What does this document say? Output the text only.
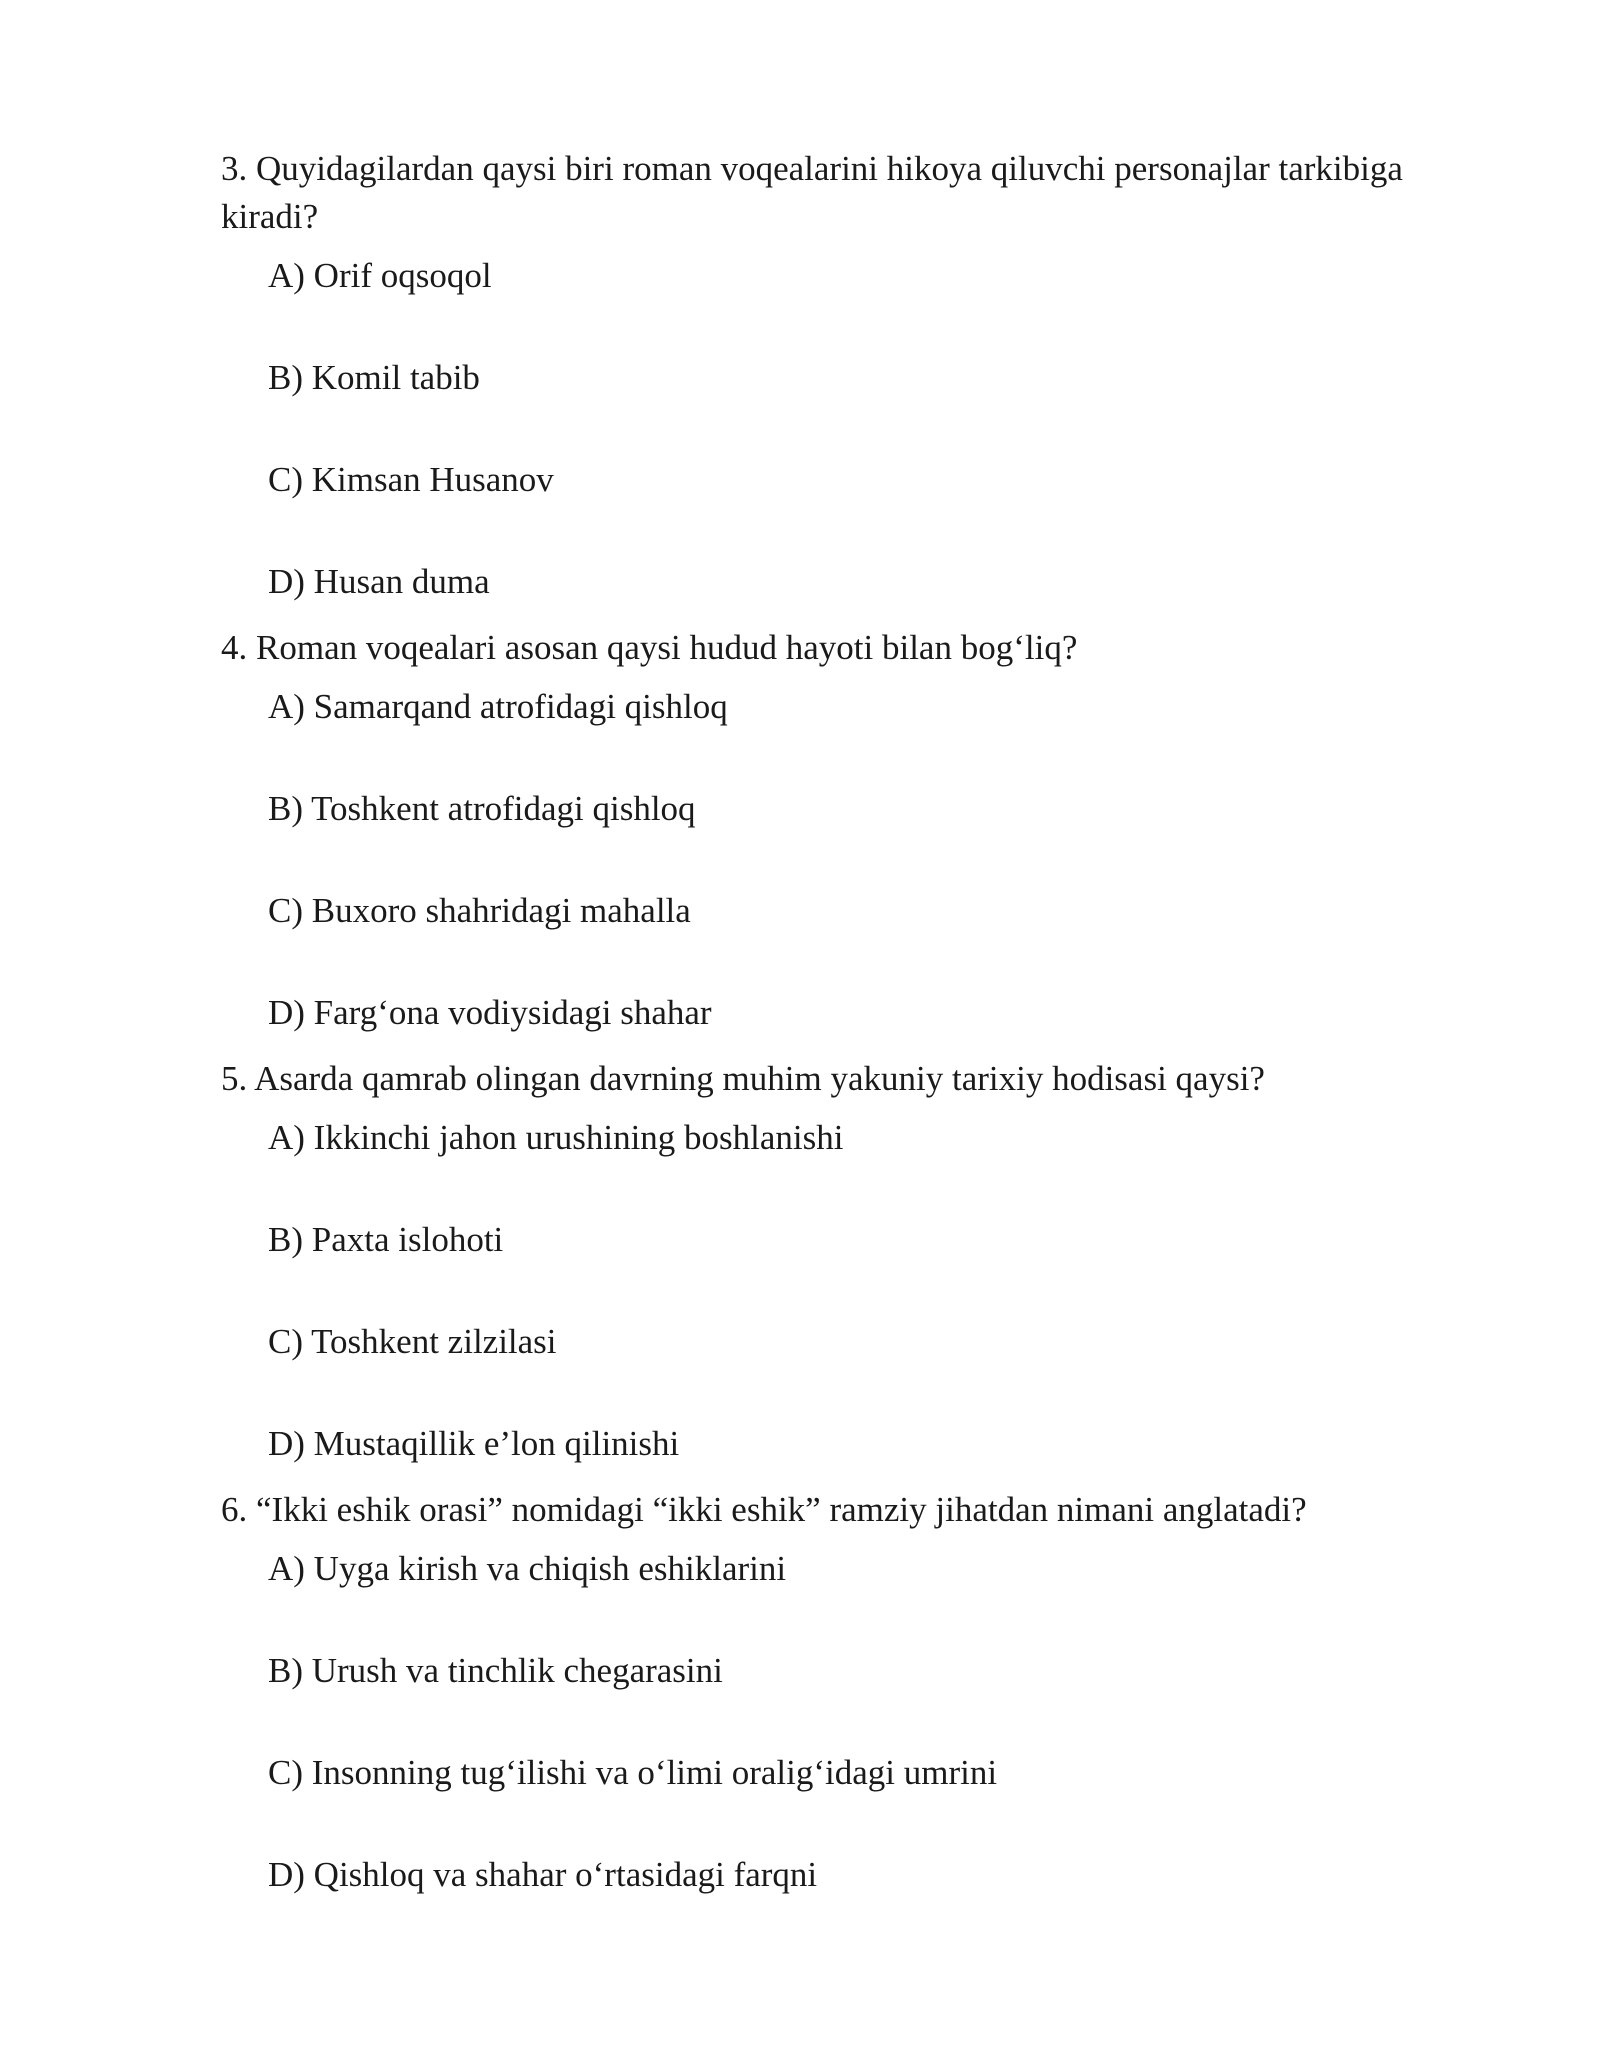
3. Quyidagilardan qaysi biri roman voqealarini hikoya qiluvchi personajlar tarkibiga kiradi?

A) Orif oqsoqol
B) Komil tabib
C) Kimsan Husanov
D) Husan duma

4. Roman voqealari asosan qaysi hudud hayoti bilan bog‘liq?

A) Samarqand atrofidagi qishloq
B) Toshkent atrofidagi qishloq
C) Buxoro shahridagi mahalla
D) Farg‘ona vodiysidagi shahar

5. Asarda qamrab olingan davrning muhim yakuniy tarixiy hodisasi qaysi?

A) Ikkinchi jahon urushining boshlanishi
B) Paxta islohoti
C) Toshkent zilzilasi
D) Mustaqillik e’lon qilinishi

6. “Ikki eshik orasi” nomidagi “ikki eshik” ramziy jihatdan nimani anglatadi?

A) Uyga kirish va chiqish eshiklarini
B) Urush va tinchlik chegarasini
C) Insonning tug‘ilishi va o‘limi oralig‘idagi umrini
D) Qishloq va shahar o‘rtasidagi farqni
